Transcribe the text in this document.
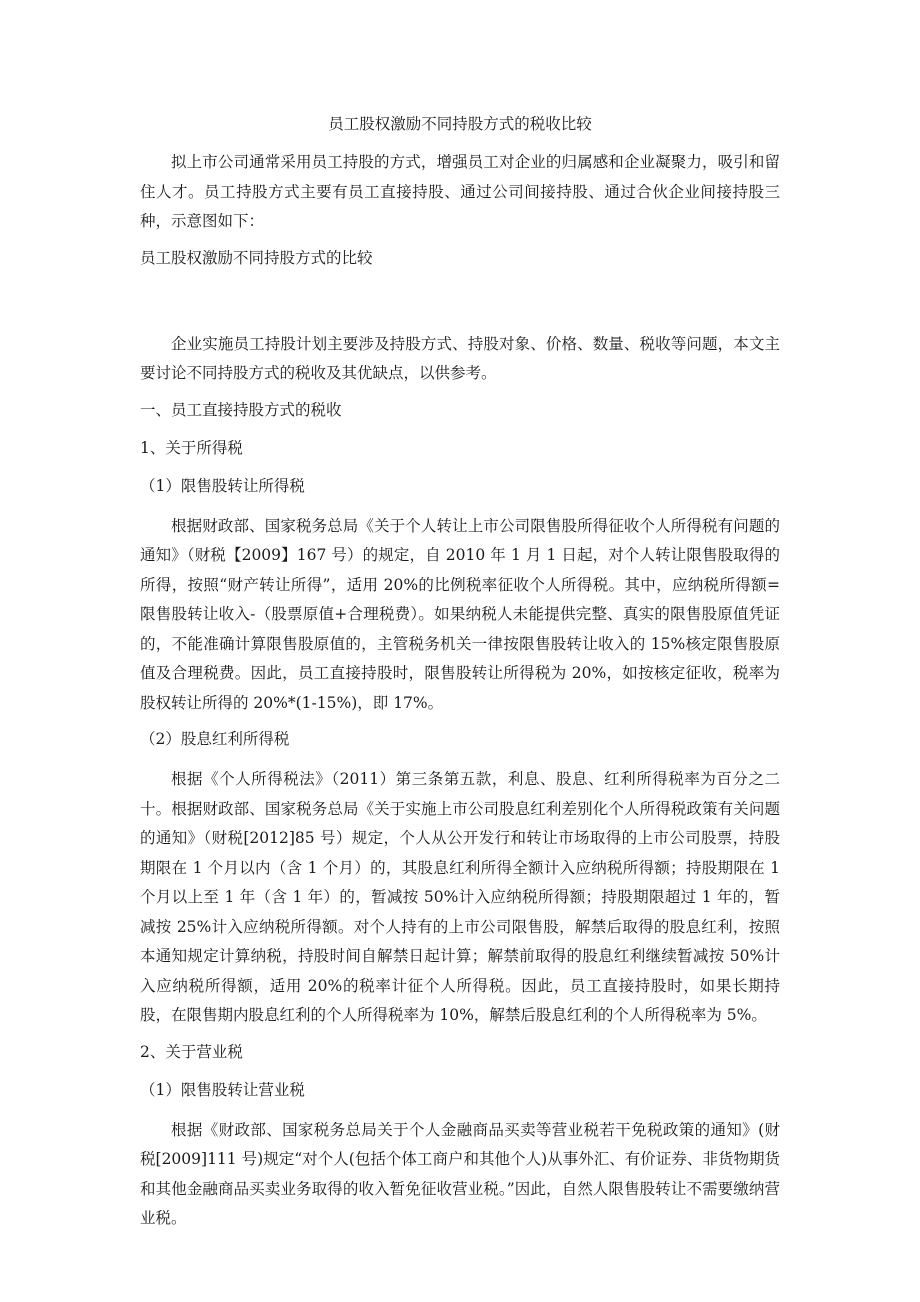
员工股权激励不同持股方式的税收比较

拟上市公司通常采用员工持股的方式，增强员工对企业的归属感和企业凝聚力，吸引和留住人才。员工持股方式主要有员工直接持股、通过公司间接持股、通过合伙企业间接持股三种，示意图如下：

员工股权激励不同持股方式的比较

企业实施员工持股计划主要涉及持股方式、持股对象、价格、数量、税收等问题，本文主要讨论不同持股方式的税收及其优缺点，以供参考。

一、员工直接持股方式的税收
1、关于所得税
（1）限售股转让所得税

根据财政部、国家税务总局《关于个人转让上市公司限售股所得征收个人所得税有问题的通知》（财税【2009】167 号）的规定，自 2010 年 1 月 1 日起，对个人转让限售股取得的所得，按照“财产转让所得”，适用 20%的比例税率征收个人所得税。其中，应纳税所得额=限售股转让收入-（股票原值+合理税费）。如果纳税人未能提供完整、真实的限售股原值凭证的，不能准确计算限售股原值的，主管税务机关一律按限售股转让收入的 15%核定限售股原值及合理税费。因此，员工直接持股时，限售股转让所得税为 20%，如按核定征收，税率为股权转让所得的 20%*(1-15%)，即 17%。

（2）股息红利所得税

根据《个人所得税法》（2011）第三条第五款，利息、股息、红利所得税率为百分之二十。根据财政部、国家税务总局《关于实施上市公司股息红利差别化个人所得税政策有关问题的通知》（财税[2012]85 号）规定，个人从公开发行和转让市场取得的上市公司股票，持股期限在 1 个月以内（含 1 个月）的，其股息红利所得全额计入应纳税所得额；持股期限在 1 个月以上至 1 年（含 1 年）的，暂减按 50%计入应纳税所得额；持股期限超过 1 年的，暂减按 25%计入应纳税所得额。对个人持有的上市公司限售股，解禁后取得的股息红利，按照本通知规定计算纳税，持股时间自解禁日起计算；解禁前取得的股息红利继续暂减按 50%计入应纳税所得额，适用 20%的税率计征个人所得税。因此，员工直接持股时，如果长期持股，在限售期内股息红利的个人所得税率为 10%，解禁后股息红利的个人所得税率为 5%。

2、关于营业税
（1）限售股转让营业税

根据《财政部、国家税务总局关于个人金融商品买卖等营业税若干免税政策的通知》(财税[2009]111 号)规定“对个人(包括个体工商户和其他个人)从事外汇、有价证券、非货物期货和其他金融商品买卖业务取得的收入暂免征收营业税。”因此，自然人限售股转让不需要缴纳营业税。
